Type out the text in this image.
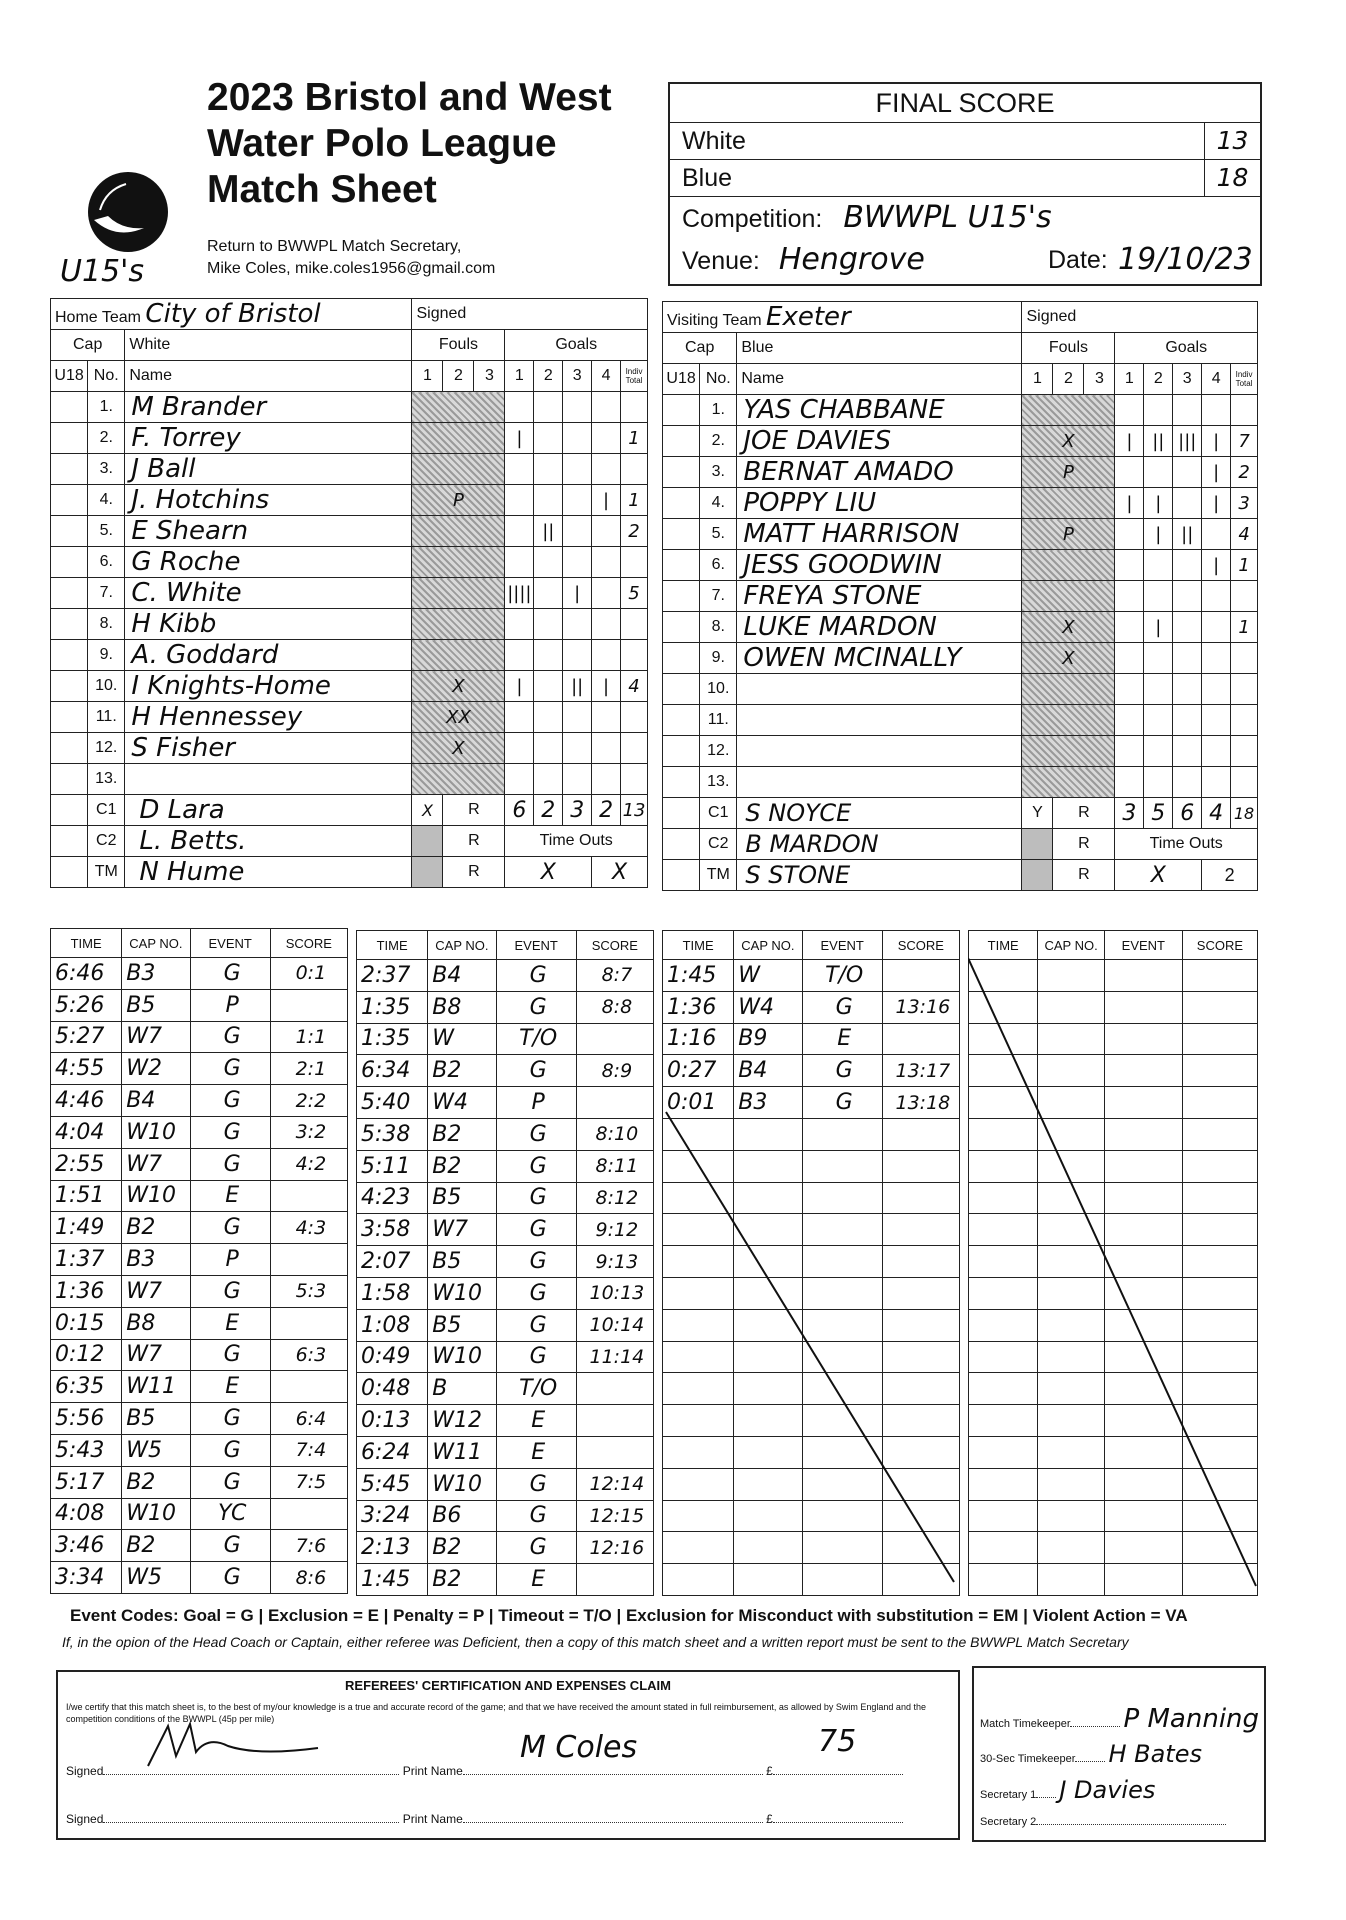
2023 Bristol and West
Water Polo League
Match Sheet
Return to BWWPL Match Secretary,
Mike Coles, mike.coles1956@gmail.com
U15's
FINAL SCORE
White	13
Blue	18
Competition: BWWPL U15's
Venue: Hengrove	Date: 19/10/23
Home Team City of Bristol			Signed							
Cap		White	Fouls			Goals				
U18	No.	Name	1	2	3	1	2	3	4	Indiv Total
	1.	M Brander								
	2.	F. Torrey				|				1
	3.	J Ball								
	4.	J. Hotchins	P						|	1
	5.	E Shearn					||			2
	6.	G Roche								
	7.	C. White				||||		|		5
	8.	H Kibb								
	9.	A. Goddard								
	10.	I Knights-Home	X			|		||	|	4
	11.	H Hennessey	XX							
	12.	S Fisher	X							
	13.									
	C1	D Lara	X	R		6	2	3	2	13
	C2	L. Betts.		R		Time Outs				
	TM	N Hume		R		X			X	
Visiting Team Exeter			Signed							
Cap		Blue	Fouls			Goals				
U18	No.	Name	1	2	3	1	2	3	4	Indiv Total
	1.	YAS CHABBANE								
	2.	JOE DAVIES	X			|	||	|||	|	7
	3.	BERNAT AMADO	P						|	2
	4.	POPPY LIU				|	|		|	3
	5.	MATT HARRISON	P				|	||		4
	6.	JESS GOODWIN							|	1
	7.	FREYA STONE								
	8.	LUKE MARDON	X				|			1
	9.	OWEN MCINALLY	X							
	10.									
	11.									
	12.									
	13.									
	C1	S NOYCE	Y	R		3	5	6	4	18
	C2	B MARDON		R		Time Outs				
	TM	S STONE		R		X			2	
TIME	CAP NO.	EVENT	SCORE
6:46	B3	G	0:1
5:26	B5	P	
5:27	W7	G	1:1
4:55	W2	G	2:1
4:46	B4	G	2:2
4:04	W10	G	3:2
2:55	W7	G	4:2
1:51	W10	E	
1:49	B2	G	4:3
1:37	B3	P	
1:36	W7	G	5:3
0:15	B8	E	
0:12	W7	G	6:3
6:35	W11	E	
5:56	B5	G	6:4
5:43	W5	G	7:4
5:17	B2	G	7:5
4:08	W10	YC	
3:46	B2	G	7:6
3:34	W5	G	8:6
TIME	CAP NO.	EVENT	SCORE
2:37	B4	G	8:7
1:35	B8	G	8:8
1:35	W	T/O	
6:34	B2	G	8:9
5:40	W4	P	
5:38	B2	G	8:10
5:11	B2	G	8:11
4:23	B5	G	8:12
3:58	W7	G	9:12
2:07	B5	G	9:13
1:58	W10	G	10:13
1:08	B5	G	10:14
0:49	W10	G	11:14
0:48	B	T/O	
0:13	W12	E	
6:24	W11	E	
5:45	W10	G	12:14
3:24	B6	G	12:15
2:13	B2	G	12:16
1:45	B2	E	
TIME	CAP NO.	EVENT	SCORE
1:45	W	T/O	
1:36	W4	G	13:16
1:16	B9	E	
0:27	B4	G	13:17
0:01	B3	G	13:18

TIME	CAP NO.	EVENT	SCORE

Event Codes: Goal = G | Exclusion = E | Penalty = P | Timeout = T/O | Exclusion for Misconduct with substitution = EM | Violent Action = VA
If, in the opion of the Head Coach or Captain, either referee was Deficient, then a copy of this match sheet and a written report must be sent to the BWWPL Match Secretary
REFEREES' CERTIFICATION AND EXPENSES CLAIM
I/we certify that this match sheet is, to the best of my/our knowledge is a true and accurate record of the game; and that we have received the amount stated in full reimbursement, as allowed by Swim England and the competition conditions of the BWWPL (45p per mile)
Signed	Print Name	£
M Coles	75
Signed	Print Name	£
Match Timekeeper P Manning
30-Sec Timekeeper H Bates
Secretary 1 J Davies
Secretary 2
